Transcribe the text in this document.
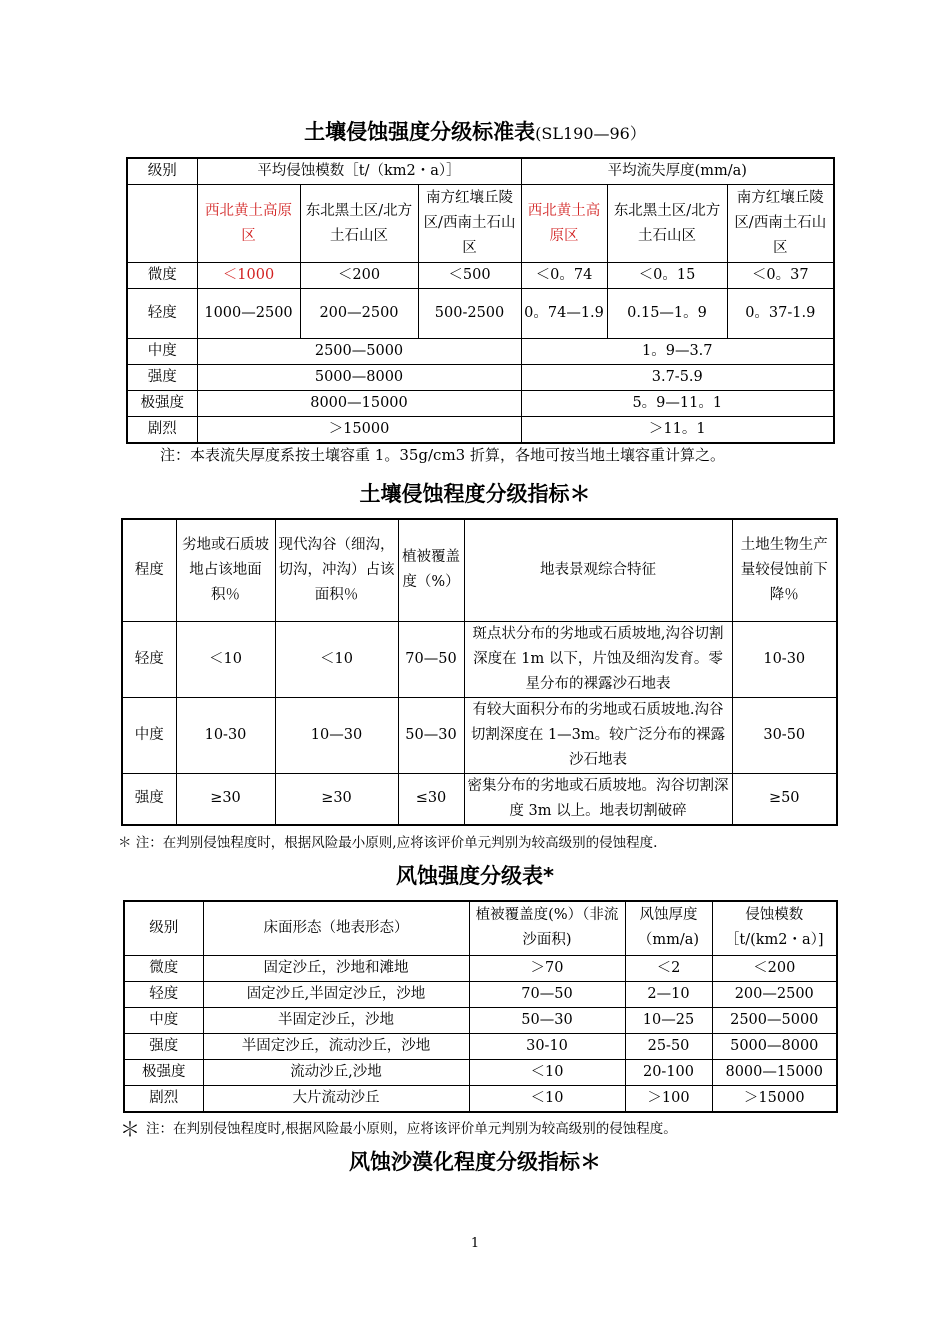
土壤侵蚀强度分级标准表(SL190—96）
级别	平均侵蚀模数［t/（km2・a）］			平均流失厚度(mm/a)		
	西北黄土高原区	东北黑土区/北方土石山区	南方红壤丘陵区/西南土石山区	西北黄土高原区	东北黑土区/北方土石山区	南方红壤丘陵区/西南土石山区
微度	＜1000	＜200	＜500	＜0。74	＜0。15	＜0。37
轻度	1000—2500	200—2500	500-2500	0。74—1.9	0.15—1。9	0。37-1.9
中度	2500—5000			1。9—3.7		
强度	5000—8000			3.7-5.9		
极强度	8000—15000			5。9—11。1		
剧烈	＞15000			＞11。1		
注：本表流失厚度系按土壤容重 1。35g/cm3 折算，各地可按当地土壤容重计算之。
土壤侵蚀程度分级指标＊
程度	劣地或石质坡地占该地面积％	现代沟谷（细沟，切沟，冲沟）占该面积％	植被覆盖度（%）	地表景观综合特征	土地生物生产量较侵蚀前下降％
轻度	＜10	＜10	70—50	斑点状分布的劣地或石质坡地,沟谷切割深度在 1m 以下，片蚀及细沟发育。零星分布的裸露沙石地表	10-30
中度	10-30	10—30	50—30	有较大面积分布的劣地或石质坡地.沟谷切割深度在 1—3m。较广泛分布的裸露沙石地表	30-50
强度	≥30	≥30	≤30	密集分布的劣地或石质坡地。沟谷切割深度 3m 以上。地表切割破碎	≥50
＊ 注：在判别侵蚀程度时，根据风险最小原则,应将该评价单元判别为较高级别的侵蚀程度.
风蚀强度分级表*
级别	床面形态（地表形态）	植被覆盖度(%）（非流沙面积)	风蚀厚度（mm/a)	侵蚀模数［t/(km2・a）]
微度	固定沙丘，沙地和滩地	＞70	＜2	＜200
轻度	固定沙丘,半固定沙丘，沙地	70—50	2—10	200—2500
中度	半固定沙丘，沙地	50—30	10—25	2500—5000
强度	半固定沙丘，流动沙丘，沙地	30-10	25-50	5000—8000
极强度	流动沙丘,沙地	＜10	20-100	8000—15000
剧烈	大片流动沙丘	＜10	＞100	＞15000
＊ 注：在判别侵蚀程度时,根据风险最小原则，应将该评价单元判别为较高级别的侵蚀程度。
风蚀沙漠化程度分级指标＊
1
